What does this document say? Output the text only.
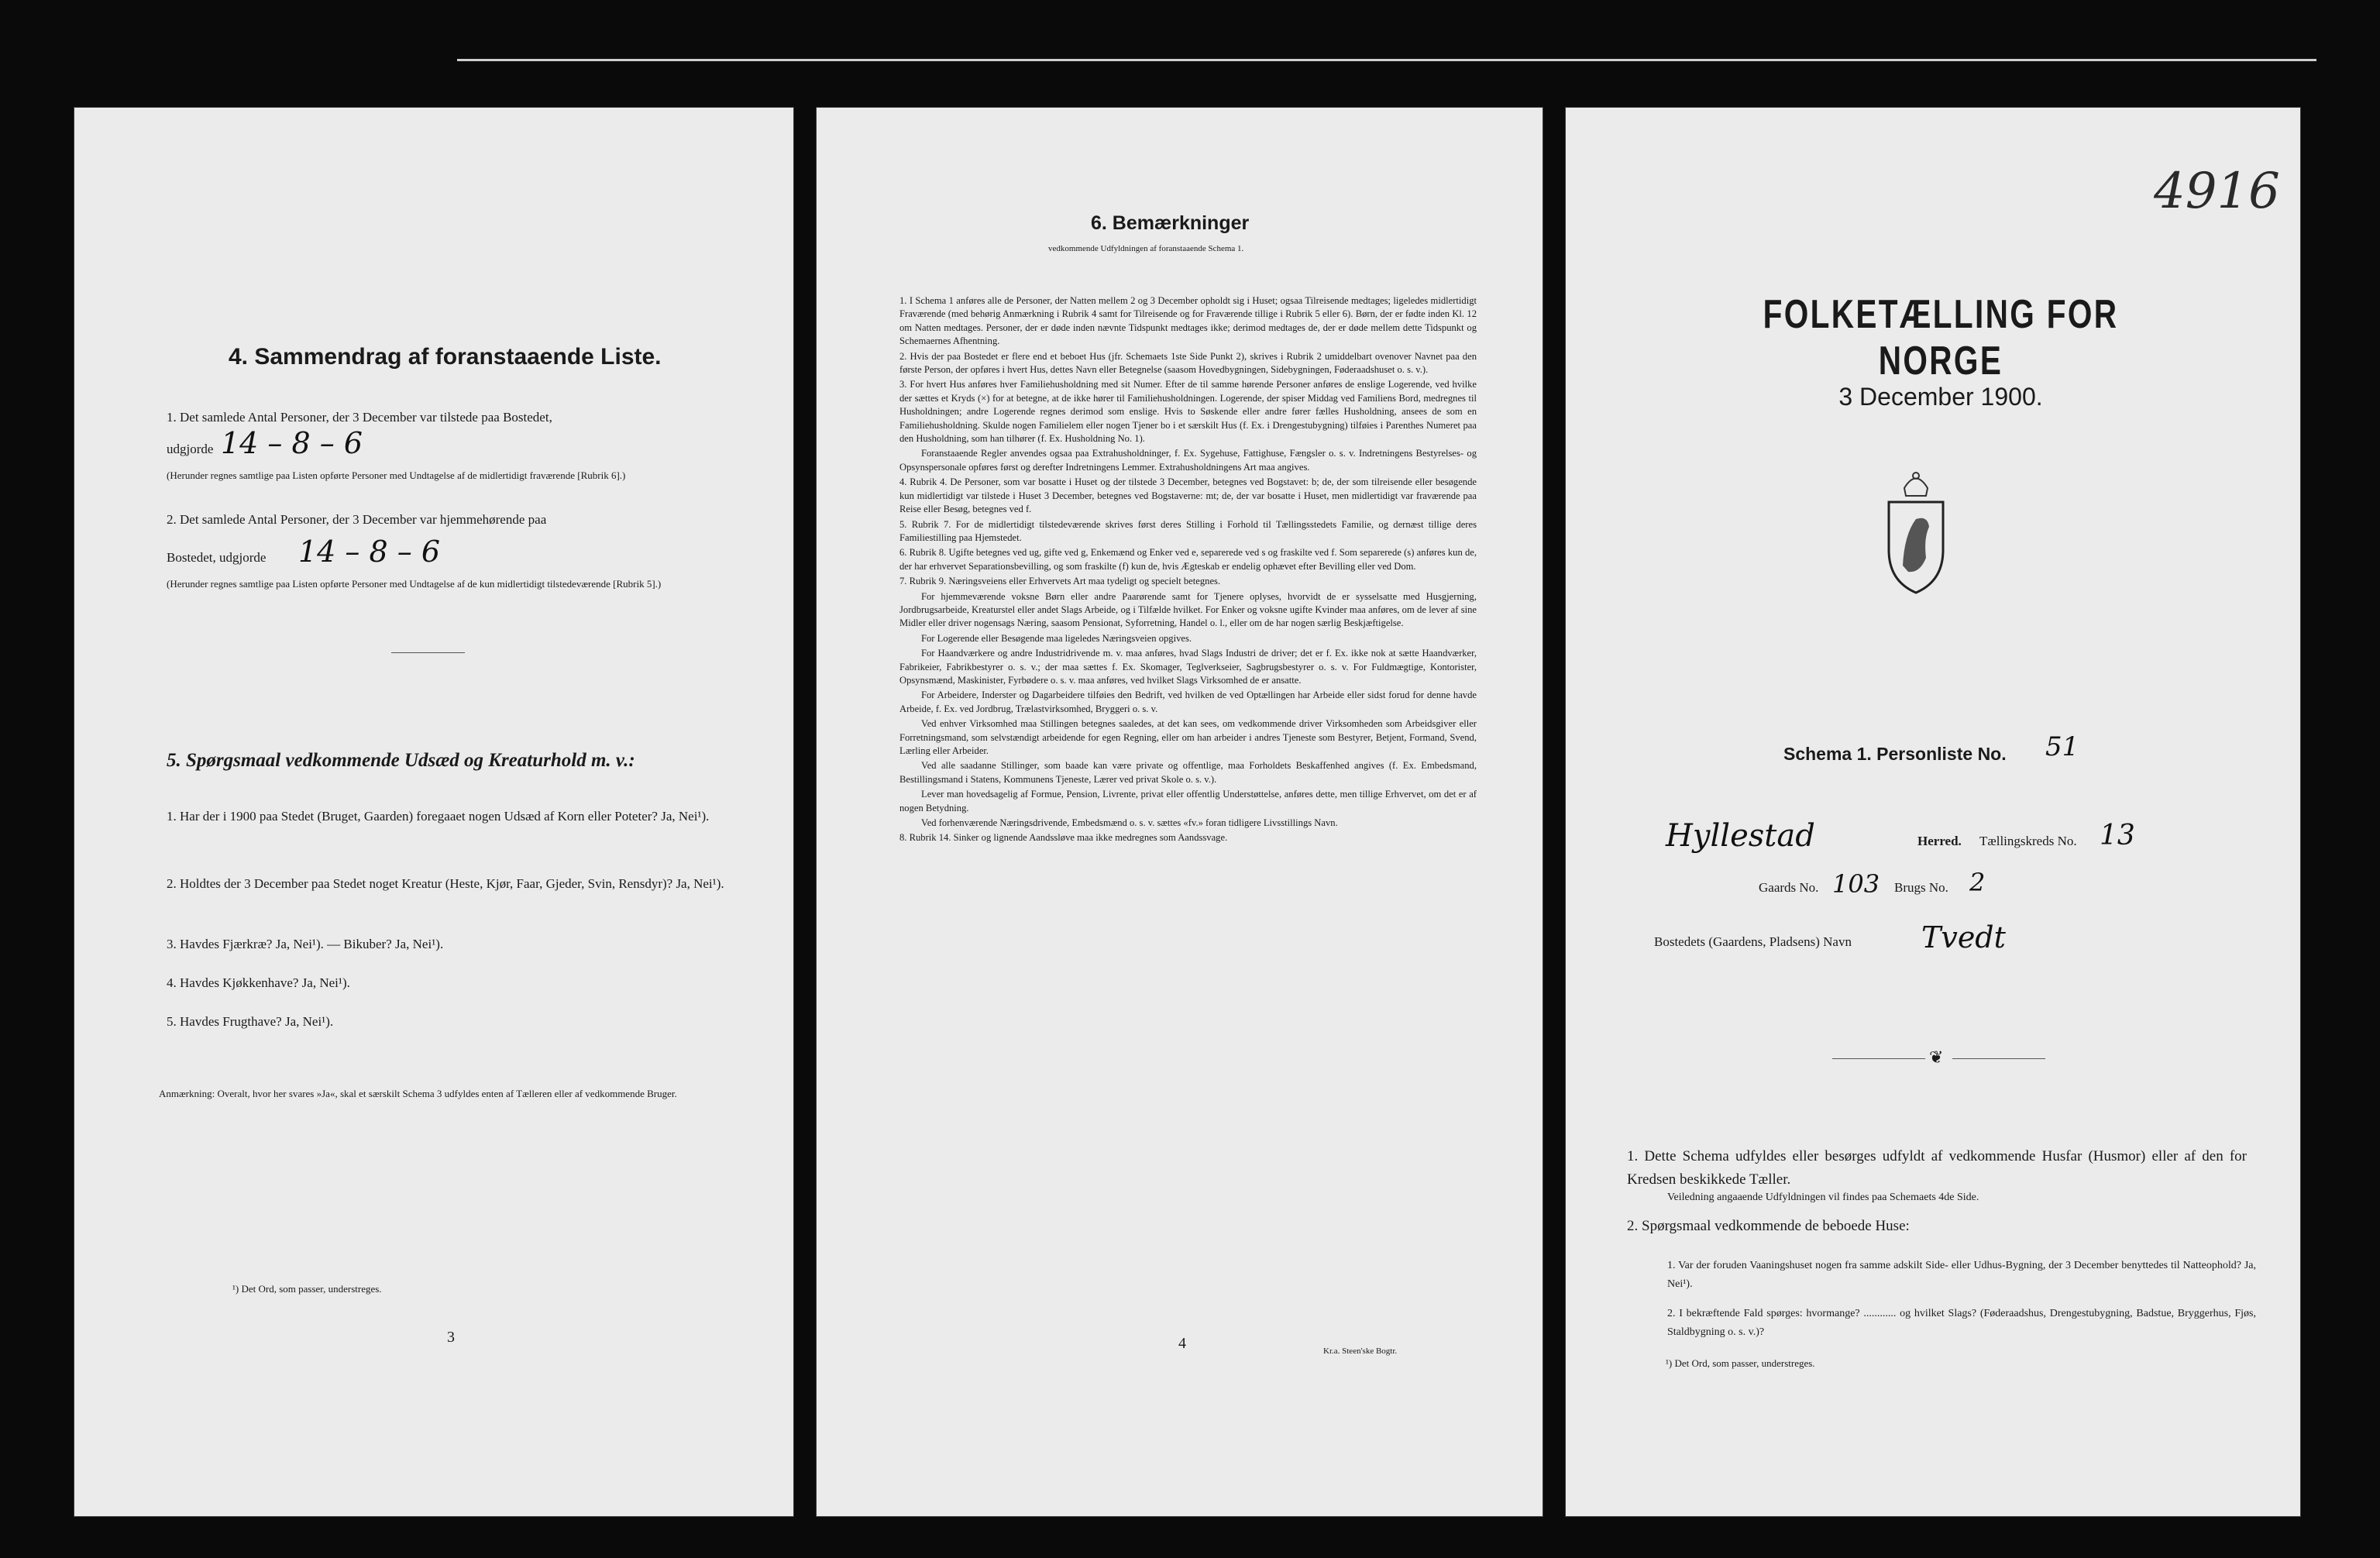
4. Sammendrag af foranstaaende Liste.
1. Det samlede Antal Personer, der 3 December var tilstede paa Bostedet,
udgjorde 14 – 8 – 6
(Herunder regnes samtlige paa Listen opførte Personer med Undtagelse af de midlertidigt fraværende [Rubrik 6].)
2. Det samlede Antal Personer, der 3 December var hjemmehørende paa
Bostedet, udgjorde 14 – 8 – 6
(Herunder regnes samtlige paa Listen opførte Personer med Undtagelse af de kun midlertidigt tilstedeværende [Rubrik 5].)
5. Spørgsmaal vedkommende Udsæd og Kreaturhold m. v.:
1. Har der i 1900 paa Stedet (Bruget, Gaarden) foregaaet nogen Udsæd af Korn eller Poteter? Ja, Nei¹).
2. Holdtes der 3 December paa Stedet noget Kreatur (Heste, Kjør, Faar, Gjeder, Svin, Rensdyr)? Ja, Nei¹).
3. Havdes Fjærkræ? Ja, Nei¹). — Bikuber? Ja, Nei¹).
4. Havdes Kjøkkenhave? Ja, Nei¹).
5. Havdes Frugthave? Ja, Nei¹).
Anmærkning: Overalt, hvor her svares »Ja«, skal et særskilt Schema 3 udfyldes enten af Tælleren eller af vedkommende Bruger.
¹) Det Ord, som passer, understreges.
3
6. Bemærkninger
vedkommende Udfyldningen af foranstaaende Schema 1.
1. I Schema 1 anføres alle de Personer, der Natten mellem 2 og 3 December opholdt sig i Huset; ogsaa Tilreisende medtages; ligeledes midlertidigt Fraværende (med behørig Anmærkning i Rubrik 4 samt for Tilreisende og for Fraværende tillige i Rubrik 5 eller 6). Børn, der er fødte inden Kl. 12 om Natten medtages. Personer, der er døde inden nævnte Tidspunkt medtages ikke; derimod medtages de, der er døde mellem dette Tidspunkt og Schemaernes Afhentning.
2. Hvis der paa Bostedet er flere end et beboet Hus (jfr. Schemaets 1ste Side Punkt 2), skrives i Rubrik 2 umiddelbart ovenover Navnet paa den første Person, der opføres i hvert Hus, dettes Navn eller Betegnelse (saasom Hovedbygningen, Sidebygningen, Føderaadshuset o. s. v.).
3. For hvert Hus anføres hver Familiehusholdning med sit Numer. Efter de til samme hørende Personer anføres de enslige Logerende, ved hvilke der sættes et Kryds (×) for at betegne, at de ikke hører til Familiehusholdningen. Logerende, der spiser Middag ved Familiens Bord, medregnes til Husholdningen; andre Logerende regnes derimod som enslige. Hvis to Søskende eller andre fører fælles Husholdning, ansees de som en Familiehusholdning. Skulde nogen Familielem eller nogen Tjener bo i et særskilt Hus (f. Ex. i Drengestubygning) tilføies i Parenthes Numeret paa den Husholdning, som han tilhører (f. Ex. Husholdning No. 1).
Foranstaaende Regler anvendes ogsaa paa Extrahusholdninger, f. Ex. Sygehuse, Fattighuse, Fængsler o. s. v. Indretningens Bestyrelses- og Opsynspersonale opføres først og derefter Indretningens Lemmer. Extrahusholdningens Art maa angives.
4. Rubrik 4. De Personer, som var bosatte i Huset og der tilstede 3 December, betegnes ved Bogstavet: b; de, der som tilreisende eller besøgende kun midlertidigt var tilstede i Huset 3 December, betegnes ved Bogstaverne: mt; de, der var bosatte i Huset, men midlertidigt var fraværende paa Reise eller Besøg, betegnes ved f.
5. Rubrik 7. For de midlertidigt tilstedeværende skrives først deres Stilling i Forhold til Tællingsstedets Familie, og dernæst tillige deres Familiestilling paa Hjemstedet.
6. Rubrik 8. Ugifte betegnes ved ug, gifte ved g, Enkemænd og Enker ved e, separerede ved s og fraskilte ved f. Som separerede (s) anføres kun de, der har erhvervet Separationsbevilling, og som fraskilte (f) kun de, hvis Ægteskab er endelig ophævet efter Bevilling eller ved Dom.
7. Rubrik 9. Næringsveiens eller Erhvervets Art maa tydeligt og specielt betegnes.
For hjemmeværende voksne Børn eller andre Paarørende samt for Tjenere oplyses, hvorvidt de er sysselsatte med Husgjerning, Jordbrugsarbeide, Kreaturstel eller andet Slags Arbeide, og i Tilfælde hvilket. For Enker og voksne ugifte Kvinder maa anføres, om de lever af sine Midler eller driver nogensags Næring, saasom Pensionat, Syforretning, Handel o. l., eller om de har nogen særlig Beskjæftigelse.
For Logerende eller Besøgende maa ligeledes Næringsveien opgives.
For Haandværkere og andre Industridrivende m. v. maa anføres, hvad Slags Industri de driver; det er f. Ex. ikke nok at sætte Haandværker, Fabrikeier, Fabrikbestyrer o. s. v.; der maa sættes f. Ex. Skomager, Teglverkseier, Sagbrugsbestyrer o. s. v. For Fuldmægtige, Kontorister, Opsynsmænd, Maskinister, Fyrbødere o. s. v. maa anføres, ved hvilket Slags Virksomhed de er ansatte.
For Arbeidere, Inderster og Dagarbeidere tilføies den Bedrift, ved hvilken de ved Optællingen har Arbeide eller sidst forud for denne havde Arbeide, f. Ex. ved Jordbrug, Trælastvirksomhed, Bryggeri o. s. v.
Ved enhver Virksomhed maa Stillingen betegnes saaledes, at det kan sees, om vedkommende driver Virksomheden som Arbeidsgiver eller Forretningsmand, som selvstændigt arbeidende for egen Regning, eller om han arbeider i andres Tjeneste som Bestyrer, Betjent, Formand, Svend, Lærling eller Arbeider.
Ved alle saadanne Stillinger, som baade kan være private og offentlige, maa Forholdets Beskaffenhed angives (f. Ex. Embedsmand, Bestillingsmand i Statens, Kommunens Tjeneste, Lærer ved privat Skole o. s. v.).
Lever man hovedsagelig af Formue, Pension, Livrente, privat eller offentlig Understøttelse, anføres dette, men tillige Erhvervet, om det er af nogen Betydning.
Ved forhenværende Næringsdrivende, Embedsmænd o. s. v. sættes «fv.» foran tidligere Livsstillings Navn.
8. Rubrik 14. Sinker og lignende Aandssløve maa ikke medregnes som Aandssvage.
4	Kr.a. Steen'ske Bogtr.
4916
FOLKETÆLLING FOR NORGE
3 December 1900.
Schema 1. Personliste No. 51
Hyllestad	Herred. Tællingskreds No. 13
Gaards No. 103 Brugs No. 2
Bostedets (Gaardens, Pladsens) Navn Tvedt
❦
1. Dette Schema udfyldes eller besørges udfyldt af vedkommende Husfar (Husmor) eller af den for Kredsen beskikkede Tæller.
Veiledning angaaende Udfyldningen vil findes paa Schemaets 4de Side.
2. Spørgsmaal vedkommende de beboede Huse:
1. Var der foruden Vaaningshuset nogen fra samme adskilt Side- eller Udhus-Bygning, der 3 December benyttedes til Natteophold? Ja, Nei¹).
2. I bekræftende Fald spørges: hvormange? ............ og hvilket Slags? (Føderaadshus, Drengestubygning, Badstue, Bryggerhus, Fjøs, Staldbygning o. s. v.)?
¹) Det Ord, som passer, understreges.
